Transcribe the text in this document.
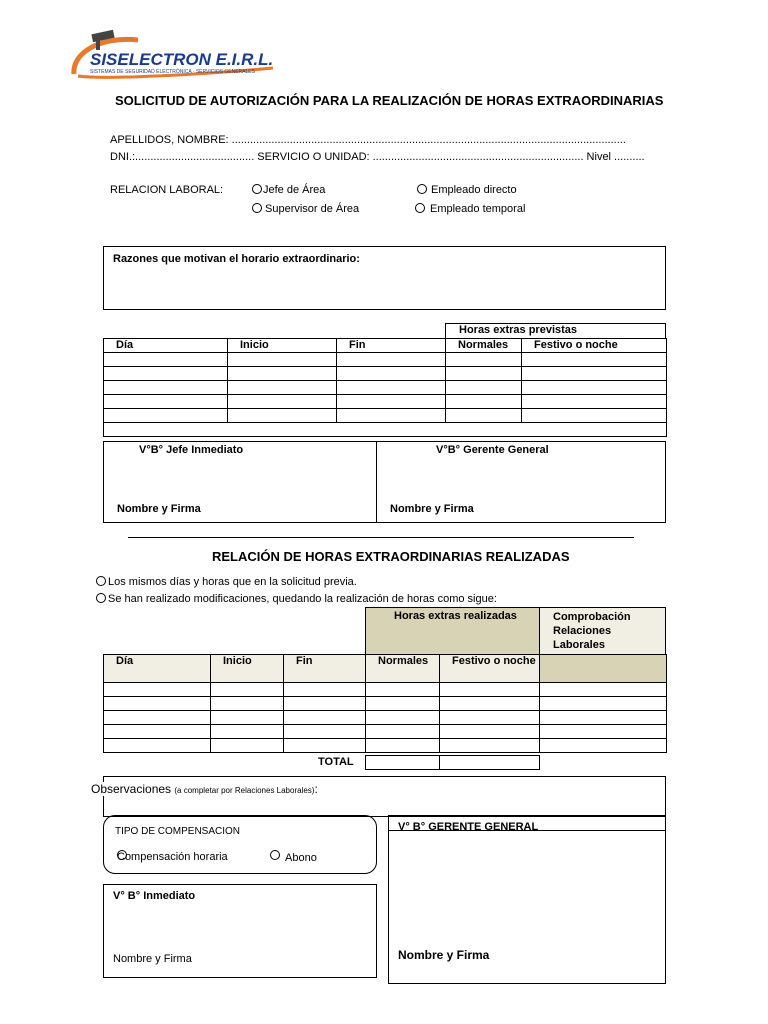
SISELECTRON E.I.R.L.
SISTEMAS DE SEGURIDAD ELECTRÓNICA · SERVICIOS GENERALES
SOLICITUD DE AUTORIZACIÓN PARA LA REALIZACIÓN DE HORAS EXTRAORDINARIAS
APELLIDOS, NOMBRE: .................................................................................................................................
DNI.:....................................... SERVICIO O UNIDAD: ..................................................................... Nivel ..........
RELACION LABORAL:	Jefe de Área	Empleado directo
Supervisor de Área	Empleado temporal
Razones que motivan el horario extraordinario:
Horas extras previstas
Día	Inicio	Fin	Normales	Festivo o noche

V°B° Jefe Inmediato	V°B° Gerente General
Nombre y Firma	Nombre y Firma
RELACIÓN DE HORAS EXTRAORDINARIAS REALIZADAS
Los mismos días y horas que en la solicitud previa.
Se han realizado modificaciones, quedando la realización de horas como sigue:
Horas extras realizadas	Comprobación Relaciones Laborales
Día	Inicio	Fin	Normales	Festivo o noche	

TOTAL
Observaciones (a completar por Relaciones Laborales):
TIPO DE COMPENSACION
Compensación horaria	Abono
V° B° GERENTE GENERAL
Nombre y Firma
V° B° Inmediato
Nombre y Firma
